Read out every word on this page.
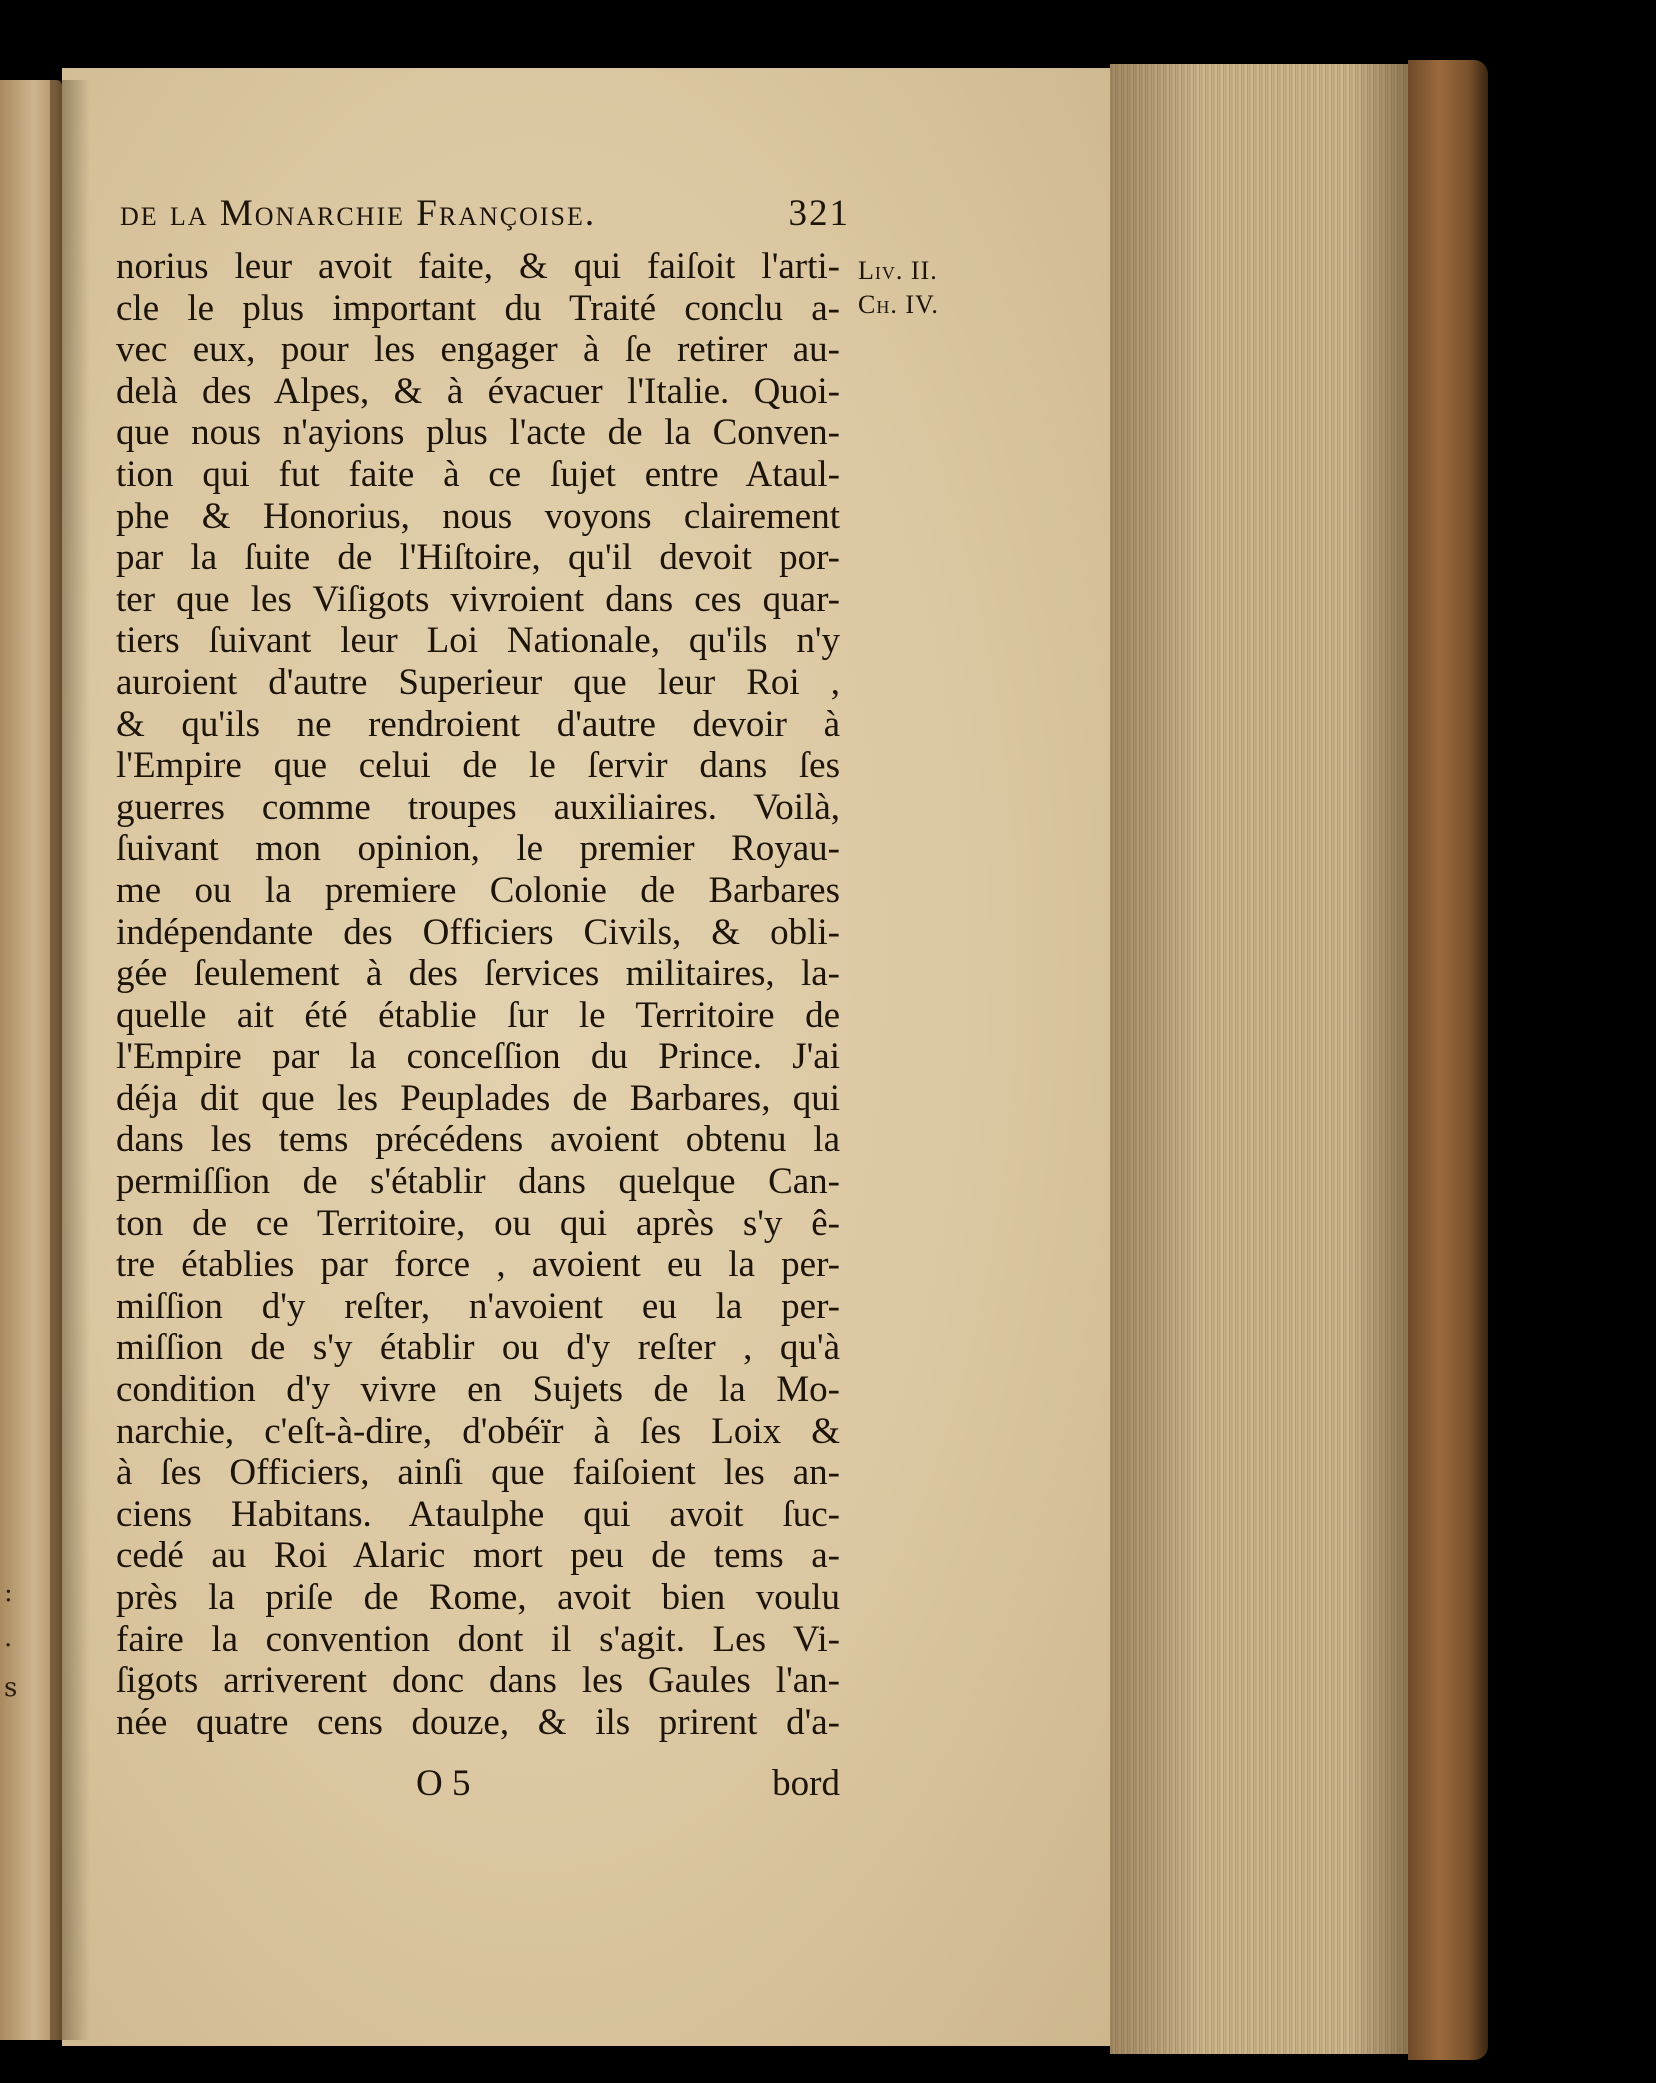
:
.
s
de la Monarchie Françoise.	321
Liv. II.
Ch. IV.
norius leur avoit faite, & qui faiſoit l'arti-
cle le plus important du Traité conclu a-
vec eux, pour les engager à ſe retirer au-
delà des Alpes, & à évacuer l'Italie. Quoi-
que nous n'ayions plus l'acte de la Conven-
tion qui fut faite à ce ſujet entre Ataul-
phe & Honorius, nous voyons clairement
par la ſuite de l'Hiſtoire, qu'il devoit por-
ter que les Viſigots vivroient dans ces quar-
tiers ſuivant leur Loi Nationale, qu'ils n'y
auroient d'autre Superieur que leur Roi ,
& qu'ils ne rendroient d'autre devoir à
l'Empire que celui de le ſervir dans ſes
guerres comme troupes auxiliaires. Voilà,
ſuivant mon opinion, le premier Royau-
me ou la premiere Colonie de Barbares
indépendante des Officiers Civils, & obli-
gée ſeulement à des ſervices militaires, la-
quelle ait été établie ſur le Territoire de
l'Empire par la conceſſion du Prince. J'ai
déja dit que les Peuplades de Barbares, qui
dans les tems précédens avoient obtenu la
permiſſion de s'établir dans quelque Can-
ton de ce Territoire, ou qui après s'y ê-
tre établies par force , avoient eu la per-
miſſion d'y reſter, n'avoient eu la per-
miſſion de s'y établir ou d'y reſter , qu'à
condition d'y vivre en Sujets de la Mo-
narchie, c'eſt-à-dire, d'obéïr à ſes Loix &
à ſes Officiers, ainſi que faiſoient les an-
ciens Habitans. Ataulphe qui avoit ſuc-
cedé au Roi Alaric mort peu de tems a-
près la priſe de Rome, avoit bien voulu
faire la convention dont il s'agit. Les Vi-
ſigots arriverent donc dans les Gaules l'an-
née quatre cens douze, & ils prirent d'a-
O 5	bord
